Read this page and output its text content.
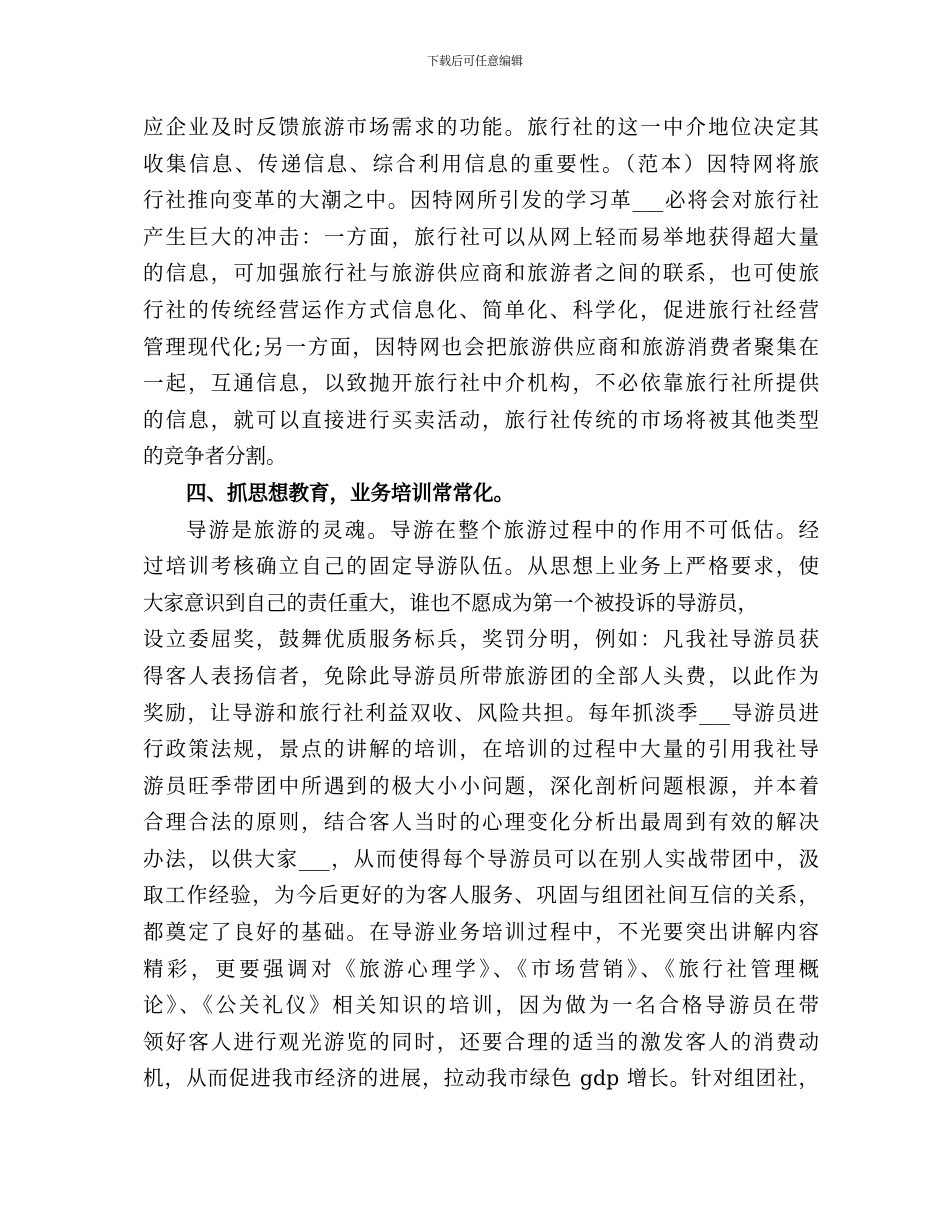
下载后可任意编辑
应企业及时反馈旅游市场需求的功能。旅行社的这一中介地位决定其
收集信息、传递信息、综合利用信息的重要性。（范本）因特网将旅
行社推向变革的大潮之中。因特网所引发的学习革___必将会对旅行社
产生巨大的冲击：一方面，旅行社可以从网上轻而易举地获得超大量
的信息，可加强旅行社与旅游供应商和旅游者之间的联系，也可使旅
行社的传统经营运作方式信息化、简单化、科学化，促进旅行社经营
管理现代化;另一方面，因特网也会把旅游供应商和旅游消费者聚集在
一起，互通信息，以致抛开旅行社中介机构，不必依靠旅行社所提供
的信息，就可以直接进行买卖活动，旅行社传统的市场将被其他类型
的竞争者分割。
四、抓思想教育，业务培训常常化。
导游是旅游的灵魂。导游在整个旅游过程中的作用不可低估。经
过培训考核确立自己的固定导游队伍。从思想上业务上严格要求，使
大家意识到自己的责任重大，谁也不愿成为第一个被投诉的导游员，
设立委屈奖，鼓舞优质服务标兵，奖罚分明，例如：凡我社导游员获
得客人表扬信者，免除此导游员所带旅游团的全部人头费，以此作为
奖励，让导游和旅行社利益双收、风险共担。每年抓淡季___导游员进
行政策法规，景点的讲解的培训，在培训的过程中大量的引用我社导
游员旺季带团中所遇到的极大小小问题，深化剖析问题根源，并本着
合理合法的原则，结合客人当时的心理变化分析出最周到有效的解决
办法，以供大家___，从而使得每个导游员可以在别人实战带团中，汲
取工作经验，为今后更好的为客人服务、巩固与组团社间互信的关系，
都奠定了良好的基础。在导游业务培训过程中，不光要突出讲解内容
精彩，更要强调对《旅游心理学》、《市场营销》、《旅行社管理概
论》、《公关礼仪》相关知识的培训，因为做为一名合格导游员在带
领好客人进行观光游览的同时，还要合理的适当的激发客人的消费动
机，从而促进我市经济的进展，拉动我市绿色 gdp 增长。针对组团社，
